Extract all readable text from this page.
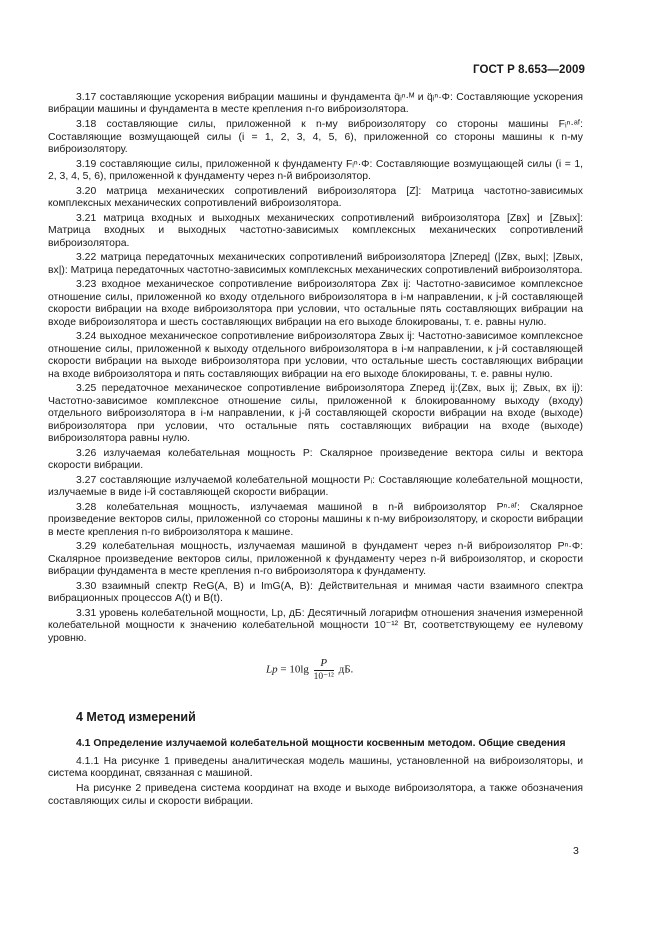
ГОСТ Р 8.653—2009

3.17 составляющие ускорения вибрации машины и фундамента q̈ᵢⁿ·ᴹ и q̈ᵢⁿ·Φ: Составляющие ускорения вибрации машины и фундамента в месте крепления n-го виброизолятора.

3.18 составляющие силы, приложенной к n-му виброизолятору со стороны машины Fᵢⁿ·ᵃᶠ: Составляющие возмущающей силы (i = 1, 2, 3, 4, 5, 6), приложенной со стороны машины к n-му виброизолятору.

3.19 составляющие силы, приложенной к фундаменту Fᵢⁿ·Φ: Составляющие возмущающей силы (i = 1, 2, 3, 4, 5, 6), приложенной к фундаменту через n-й виброизолятор.

3.20 матрица механических сопротивлений виброизолятора [Z]: Матрица частотно-зависимых комплексных механических сопротивлений виброизолятора.

3.21 матрица входных и выходных механических сопротивлений виброизолятора [Zвх] и [Zвых]: Матрица входных и выходных частотно-зависимых комплексных механических сопротивлений виброизолятора.

3.22 матрица передаточных механических сопротивлений виброизолятора |Zперед| (|Zвх, вых|; |Zвых, вх|): Матрица передаточных частотно-зависимых комплексных механических сопротивлений виброизолятора.

3.23 входное механическое сопротивление виброизолятора Zвх ij: Частотно-зависимое комплексное отношение силы, приложенной ко входу отдельного виброизолятора в i-м направлении, к j-й составляющей скорости вибрации на входе виброизолятора при условии, что остальные пять составляющих вибрации на входе виброизолятора и шесть составляющих вибрации на его выходе блокированы, т. е. равны нулю.

3.24 выходное механическое сопротивление виброизолятора Zвых ij: Частотно-зависимое комплексное отношение силы, приложенной к выходу отдельного виброизолятора в i-м направлении, к j-й составляющей скорости вибрации на выходе виброизолятора при условии, что остальные шесть составляющих вибрации на входе виброизолятора и пять составляющих вибрации на его выходе блокированы, т. е. равны нулю.

3.25 передаточное механическое сопротивление виброизолятора Zперед ij:(Zвх, вых ij; Zвых, вх ij): Частотно-зависимое комплексное отношение силы, приложенной к блокированному выходу (входу) отдельного виброизолятора в i-м направлении, к j-й составляющей скорости вибрации на входе (выходе) виброизолятора при условии, что остальные пять составляющих вибрации на входе (выходе) виброизолятора равны нулю.

3.26 излучаемая колебательная мощность P: Скалярное произведение вектора силы и вектора скорости вибрации.

3.27 составляющие излучаемой колебательной мощности Pᵢ: Составляющие колебательной мощности, излучаемые в виде i-й составляющей скорости вибрации.

3.28 колебательная мощность, излучаемая машиной в n-й виброизолятор Pⁿ·ᵃᶠ: Скалярное произведение векторов силы, приложенной со стороны машины к n-му виброизолятору, и скорости вибрации в месте крепления n-го виброизолятора к машине.

3.29 колебательная мощность, излучаемая машиной в фундамент через n-й виброизолятор Pⁿ·Φ: Скалярное произведение векторов силы, приложенной к фундаменту через n-й виброизолятор, и скорости вибрации фундамента в месте крепления n-го виброизолятора к фундаменту.

3.30 взаимный спектр ReG(A, B) и ImG(A, B): Действительная и мнимая части взаимного спектра вибрационных процессов A(t) и B(t).

3.31 уровень колебательной мощности, Lp, дБ: Десятичный логарифм отношения значения измеренной колебательной мощности к значению колебательной мощности 10⁻¹² Вт, соответствующему ее нулевому уровню.

$Lp = 10\lg \frac{P}{\text{10⁻¹²}}$ дБ.
4 Метод измерений
4.1 Определение излучаемой колебательной мощности косвенным методом. Общие сведения

4.1.1 На рисунке 1 приведены аналитическая модель машины, установленной на виброизоляторы, и система координат, связанная с машиной.

На рисунке 2 приведена система координат на входе и выходе виброизолятора, а также обозначения составляющих силы и скорости вибрации.

3
